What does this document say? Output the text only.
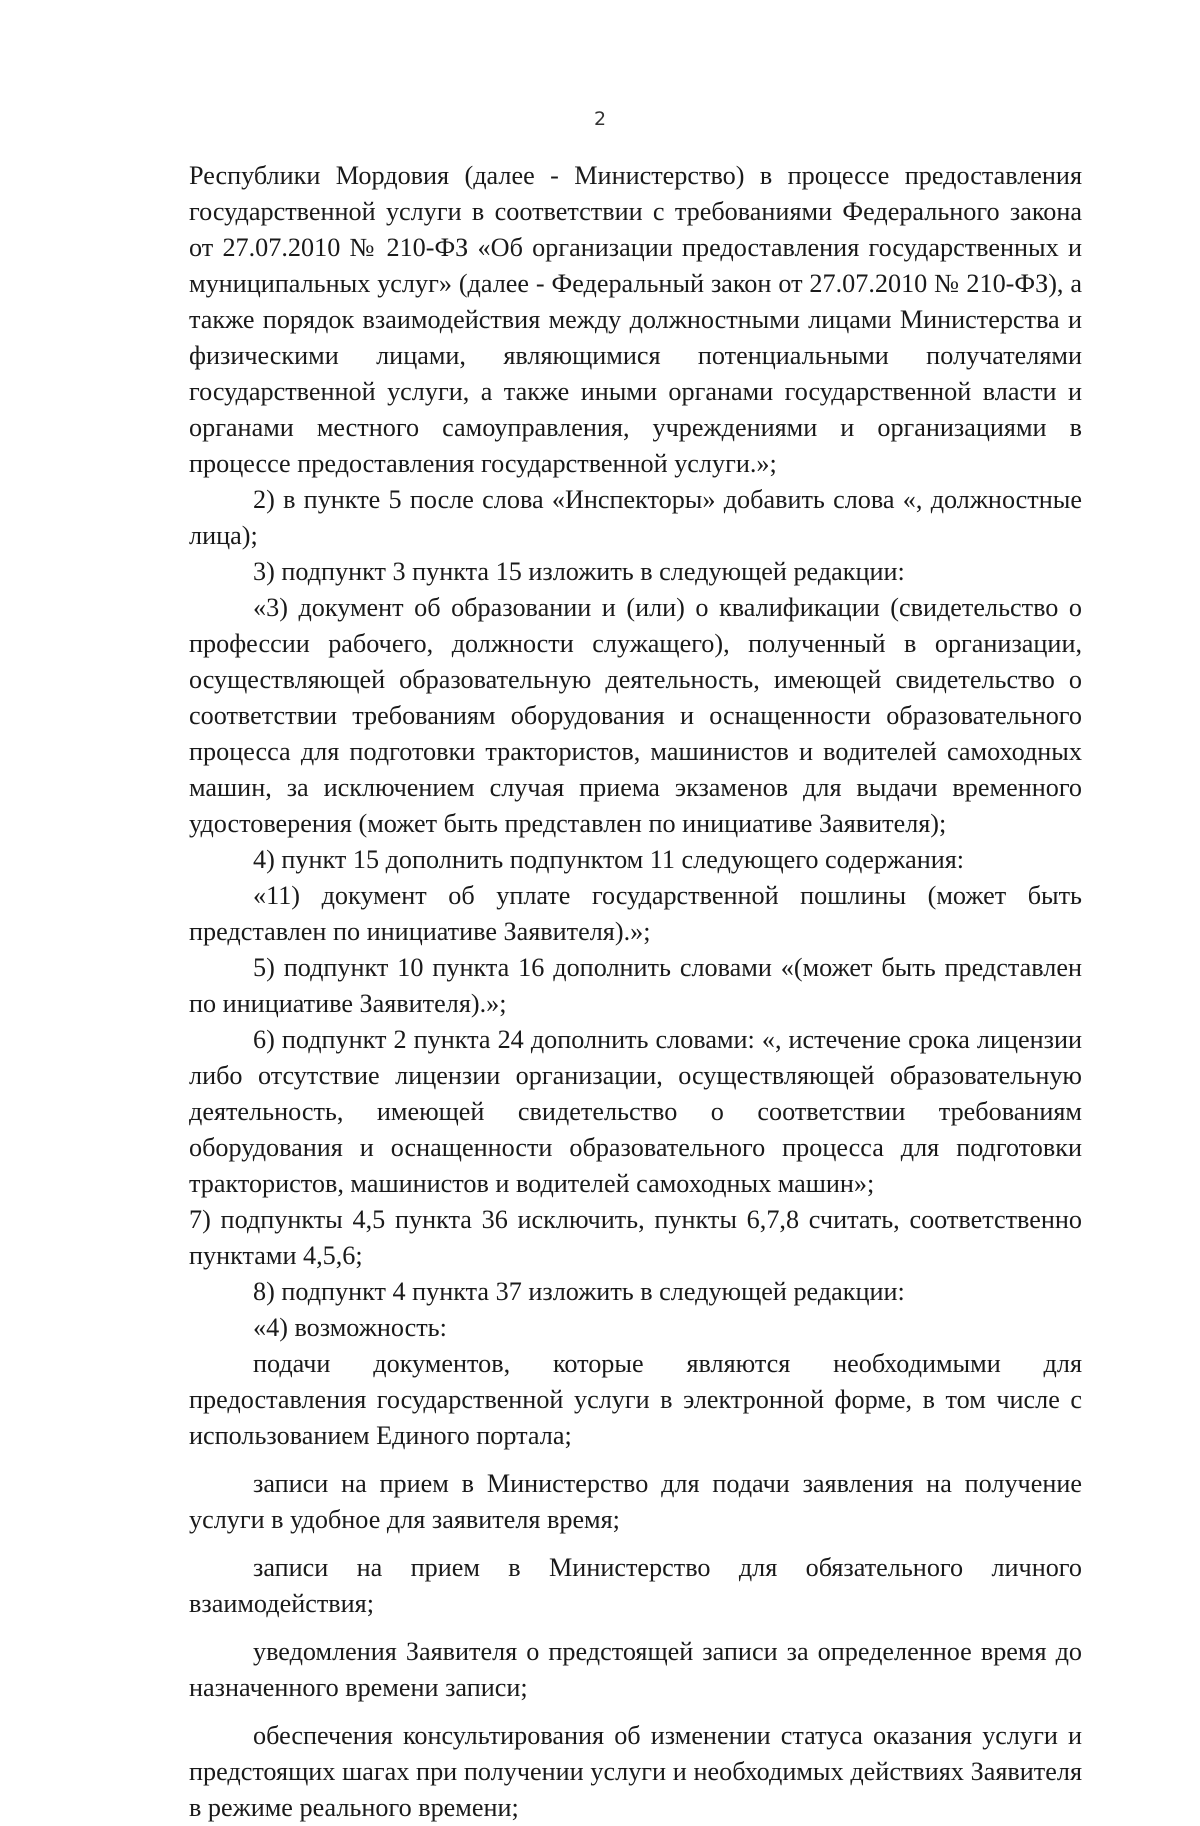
2

Республики Мордовия (далее - Министерство) в процессе предоставления государственной услуги в соответствии с требованиями Федерального закона от 27.07.2010 № 210-ФЗ «Об организации предоставления государственных и муниципальных услуг» (далее - Федеральный закон от 27.07.2010 № 210-ФЗ), а также порядок взаимодействия между должностными лицами Министерства и физическими лицами, являющимися потенциальными получателями государственной услуги, а также иными органами государственной власти и органами местного самоуправления, учреждениями и организациями в процессе предоставления государственной услуги.»;

2) в пункте 5 после слова «Инспекторы» добавить слова «, должностные лица);

3) подпункт 3 пункта 15 изложить в следующей редакции:

«3) документ об образовании и (или) о квалификации (свидетельство о профессии рабочего, должности служащего), полученный в организации, осуществляющей образовательную деятельность, имеющей свидетельство о соответствии требованиям оборудования и оснащенности образовательного процесса для подготовки трактористов, машинистов и водителей самоходных машин, за исключением случая приема экзаменов для выдачи временного удостоверения (может быть представлен по инициативе Заявителя);

4) пункт 15 дополнить подпунктом 11 следующего содержания:

«11) документ об уплате государственной пошлины (может быть представлен по инициативе Заявителя).»;

5) подпункт 10 пункта 16 дополнить словами «(может быть представлен по инициативе Заявителя).»;

6) подпункт 2 пункта 24 дополнить словами: «, истечение срока лицензии либо отсутствие лицензии организации, осуществляющей образовательную деятельность, имеющей свидетельство о соответствии требованиям оборудования и оснащенности образовательного процесса для подготовки трактористов, машинистов и водителей самоходных машин»;

7) подпункты 4,5 пункта 36 исключить, пункты 6,7,8 считать, соответственно пунктами 4,5,6;

8) подпункт 4 пункта 37 изложить в следующей редакции:

«4) возможность:

подачи документов, которые являются необходимыми для предоставления государственной услуги в электронной форме, в том числе с использованием Единого портала;

записи на прием в Министерство для подачи заявления на получение услуги в удобное для заявителя время;

записи на прием в Министерство для обязательного личного взаимодействия;

уведомления Заявителя о предстоящей записи за определенное время до назначенного времени записи;

обеспечения консультирования об изменении статуса оказания услуги и предстоящих шагах при получении услуги и необходимых действиях Заявителя в режиме реального времени;
